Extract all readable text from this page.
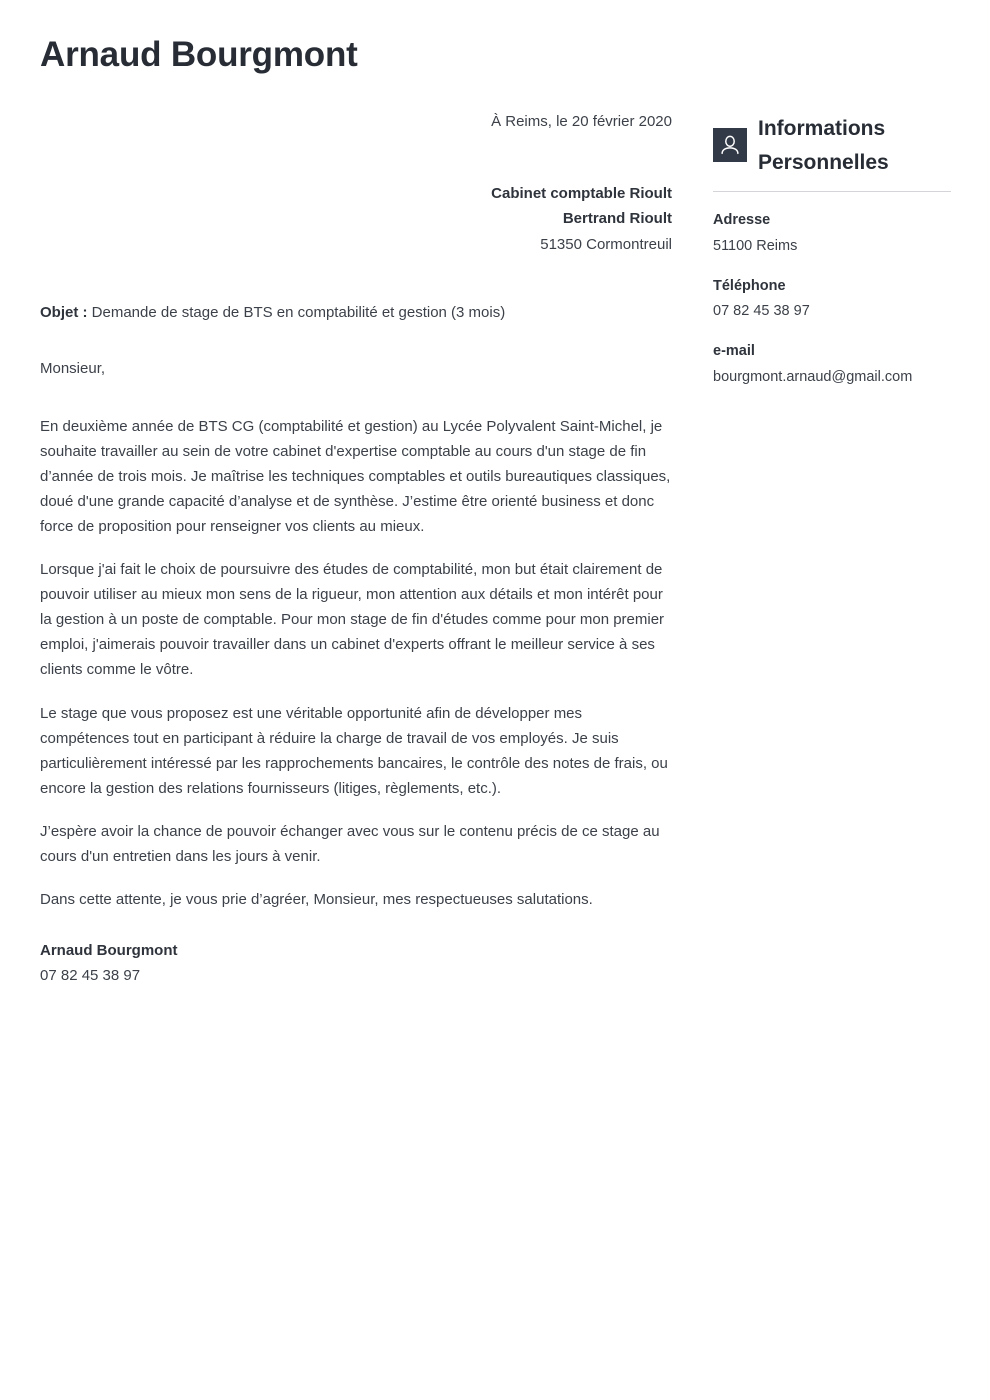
Arnaud Bourgmont
À Reims, le 20 février 2020
Cabinet comptable Rioult
Bertrand Rioult
51350 Cormontreuil

Objet : Demande de stage de BTS en comptabilité et gestion (3 mois)

Monsieur,

En deuxième année de BTS CG (comptabilité et gestion) au Lycée Polyvalent Saint-Michel, je souhaite travailler au sein de votre cabinet d'expertise comptable au cours d'un stage de fin d’année de trois mois. Je maîtrise les techniques comptables et outils bureautiques classiques, doué d'une grande capacité d’analyse et de synthèse. J’estime être orienté business et donc force de proposition pour renseigner vos clients au mieux.

Lorsque j'ai fait le choix de poursuivre des études de comptabilité, mon but était clairement de pouvoir utiliser au mieux mon sens de la rigueur, mon attention aux détails et mon intérêt pour la gestion à un poste de comptable. Pour mon stage de fin d'études comme pour mon premier emploi, j'aimerais pouvoir travailler dans un cabinet d'experts offrant le meilleur service à ses clients comme le vôtre.

Le stage que vous proposez est une véritable opportunité afin de développer mes compétences tout en participant à réduire la charge de travail de vos employés. Je suis particulièrement intéressé par les rapprochements bancaires, le contrôle des notes de frais, ou encore la gestion des relations fournisseurs (litiges, règlements, etc.).

J’espère avoir la chance de pouvoir échanger avec vous sur le contenu précis de ce stage au cours d'un entretien dans les jours à venir.

Dans cette attente, je vous prie d’agréer, Monsieur, mes respectueuses salutations.

Arnaud Bourgmont
07 82 45 38 97
Informations
Personnelles
Adresse
51100 Reims
Téléphone
07 82 45 38 97
e-mail
bourgmont.arnaud@gmail.com
